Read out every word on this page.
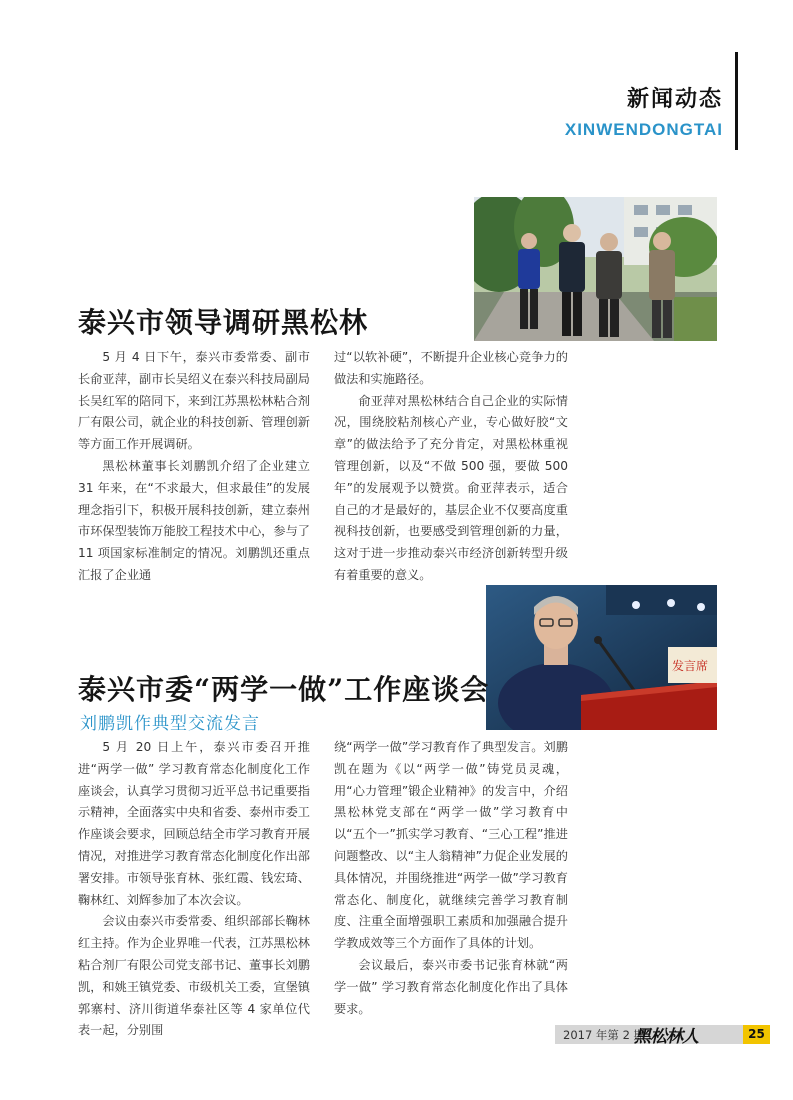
新闻动态
XINWENDONGTAI
泰兴市领导调研黑松林

5 月 4 日下午，泰兴市委常委、副市长俞亚萍，副市长吴绍义在泰兴科技局副局长吴红军的陪同下，来到江苏黑松林粘合剂厂有限公司，就企业的科技创新、管理创新等方面工作开展调研。

黑松林董事长刘鹏凯介绍了企业建立 31 年来，在“不求最大，但求最佳”的发展理念指引下，积极开展科技创新，建立泰州市环保型装饰万能胶工程技术中心，参与了 11 项国家标准制定的情况。刘鹏凯还重点汇报了企业通

过“以软补硬”，不断提升企业核心竞争力的做法和实施路径。

俞亚萍对黑松林结合自己企业的实际情况，围绕胶粘剂核心产业，专心做好胶“文章”的做法给予了充分肯定，对黑松林重视管理创新，以及“不做 500 强，要做 500 年”的发展观予以赞赏。俞亚萍表示，适合自己的才是最好的，基层企业不仅要高度重视科技创新，也要感受到管理创新的力量，这对于进一步推动泰兴市经济创新转型升级有着重要的意义。

发言席
泰兴市委“两学一做”工作座谈会
刘鹏凯作典型交流发言

5 月 20 日上午，泰兴市委召开推进“两学一做” 学习教育常态化制度化工作座谈会，认真学习贯彻习近平总书记重要指示精神，全面落实中央和省委、泰州市委工作座谈会要求，回顾总结全市学习教育开展情况，对推进学习教育常态化制度化作出部署安排。市领导张育林、张红霞、钱宏琦、鞠林红、刘辉参加了本次会议。

会议由泰兴市委常委、组织部部长鞠林红主持。作为企业界唯一代表，江苏黑松林粘合剂厂有限公司党支部书记、董事长刘鹏凯，和姚王镇党委、市级机关工委，宣堡镇郭寨村、济川街道华泰社区等 4 家单位代表一起，分别围

绕“两学一做”学习教育作了典型发言。刘鹏凯在题为《以“两学一做”铸党员灵魂，用“心力管理”锻企业精神》的发言中，介绍黑松林党支部在“两学一做”学习教育中以“五个一”抓实学习教育、“三心工程”推进问题整改、以“主人翁精神”力促企业发展的具体情况，并围绕推进“两学一做”学习教育常态化、制度化，就继续完善学习教育制度、注重全面增强职工素质和加强融合提升学教成效等三个方面作了具体的计划。

会议最后，泰兴市委书记张育林就“两学一做” 学习教育常态化制度化作出了具体要求。

2017 年第 2 期
黑松林人	25
